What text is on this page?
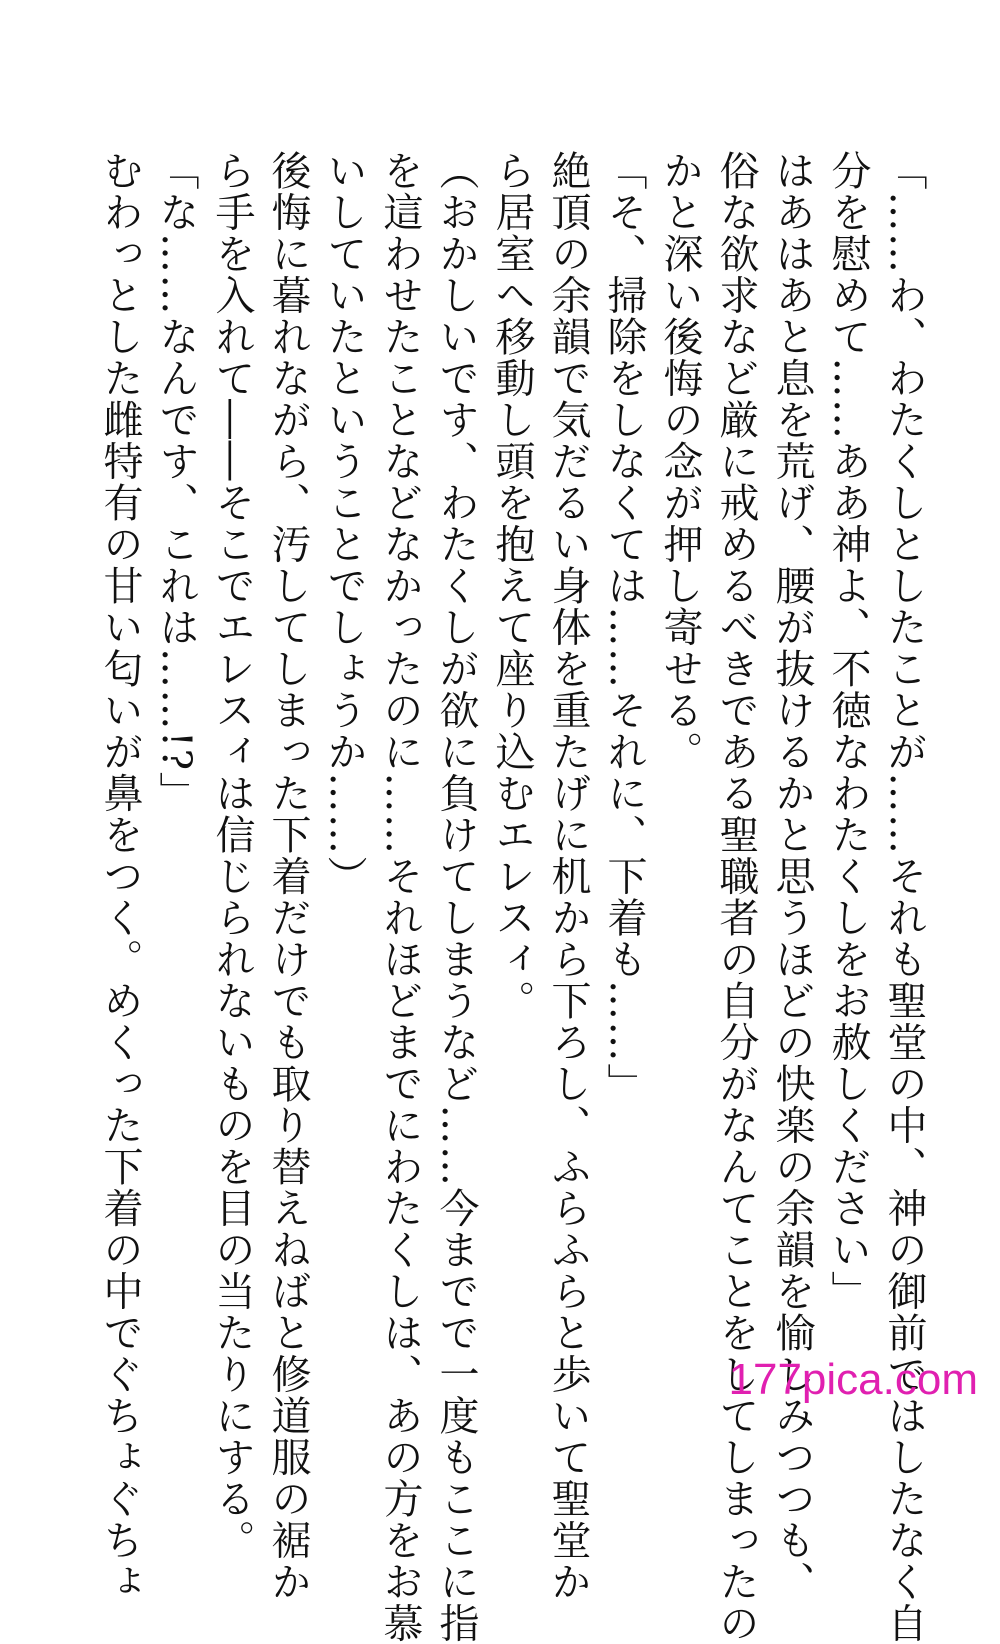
「……わ、わたくしとしたことが……それも聖堂の中、神の御前ではしたなく自

分を慰めて……ああ神よ、不徳なわたくしをお赦しください」

はあはあと息を荒げ、腰が抜けるかと思うほどの快楽の余韻を愉しみつつも、

俗な欲求など厳に戒めるべきである聖職者の自分がなんてことをしてしまったの

かと深い後悔の念が押し寄せる。

「そ、掃除をしなくては……それに、下着も……」

絶頂の余韻で気だるい身体を重たげに机から下ろし、ふらふらと歩いて聖堂か

ら居室へ移動し頭を抱えて座り込むエレスィ。

（おかしいです、わたくしが欲に負けてしまうなど……今までで一度もここに指

を這わせたことなどなかったのに……それほどまでにわたくしは、あの方をお慕

いしていたということでしょうか……）

後悔に暮れながら、汚してしまった下着だけでも取り替えねばと修道服の裾か

ら手を入れて――そこでエレスィは信じられないものを目の当たりにする。

「な……なんです、これは……!?」

むわっとした雌特有の甘い匂いが鼻をつく。めくった下着の中でぐちょぐちょ	177pica.com
